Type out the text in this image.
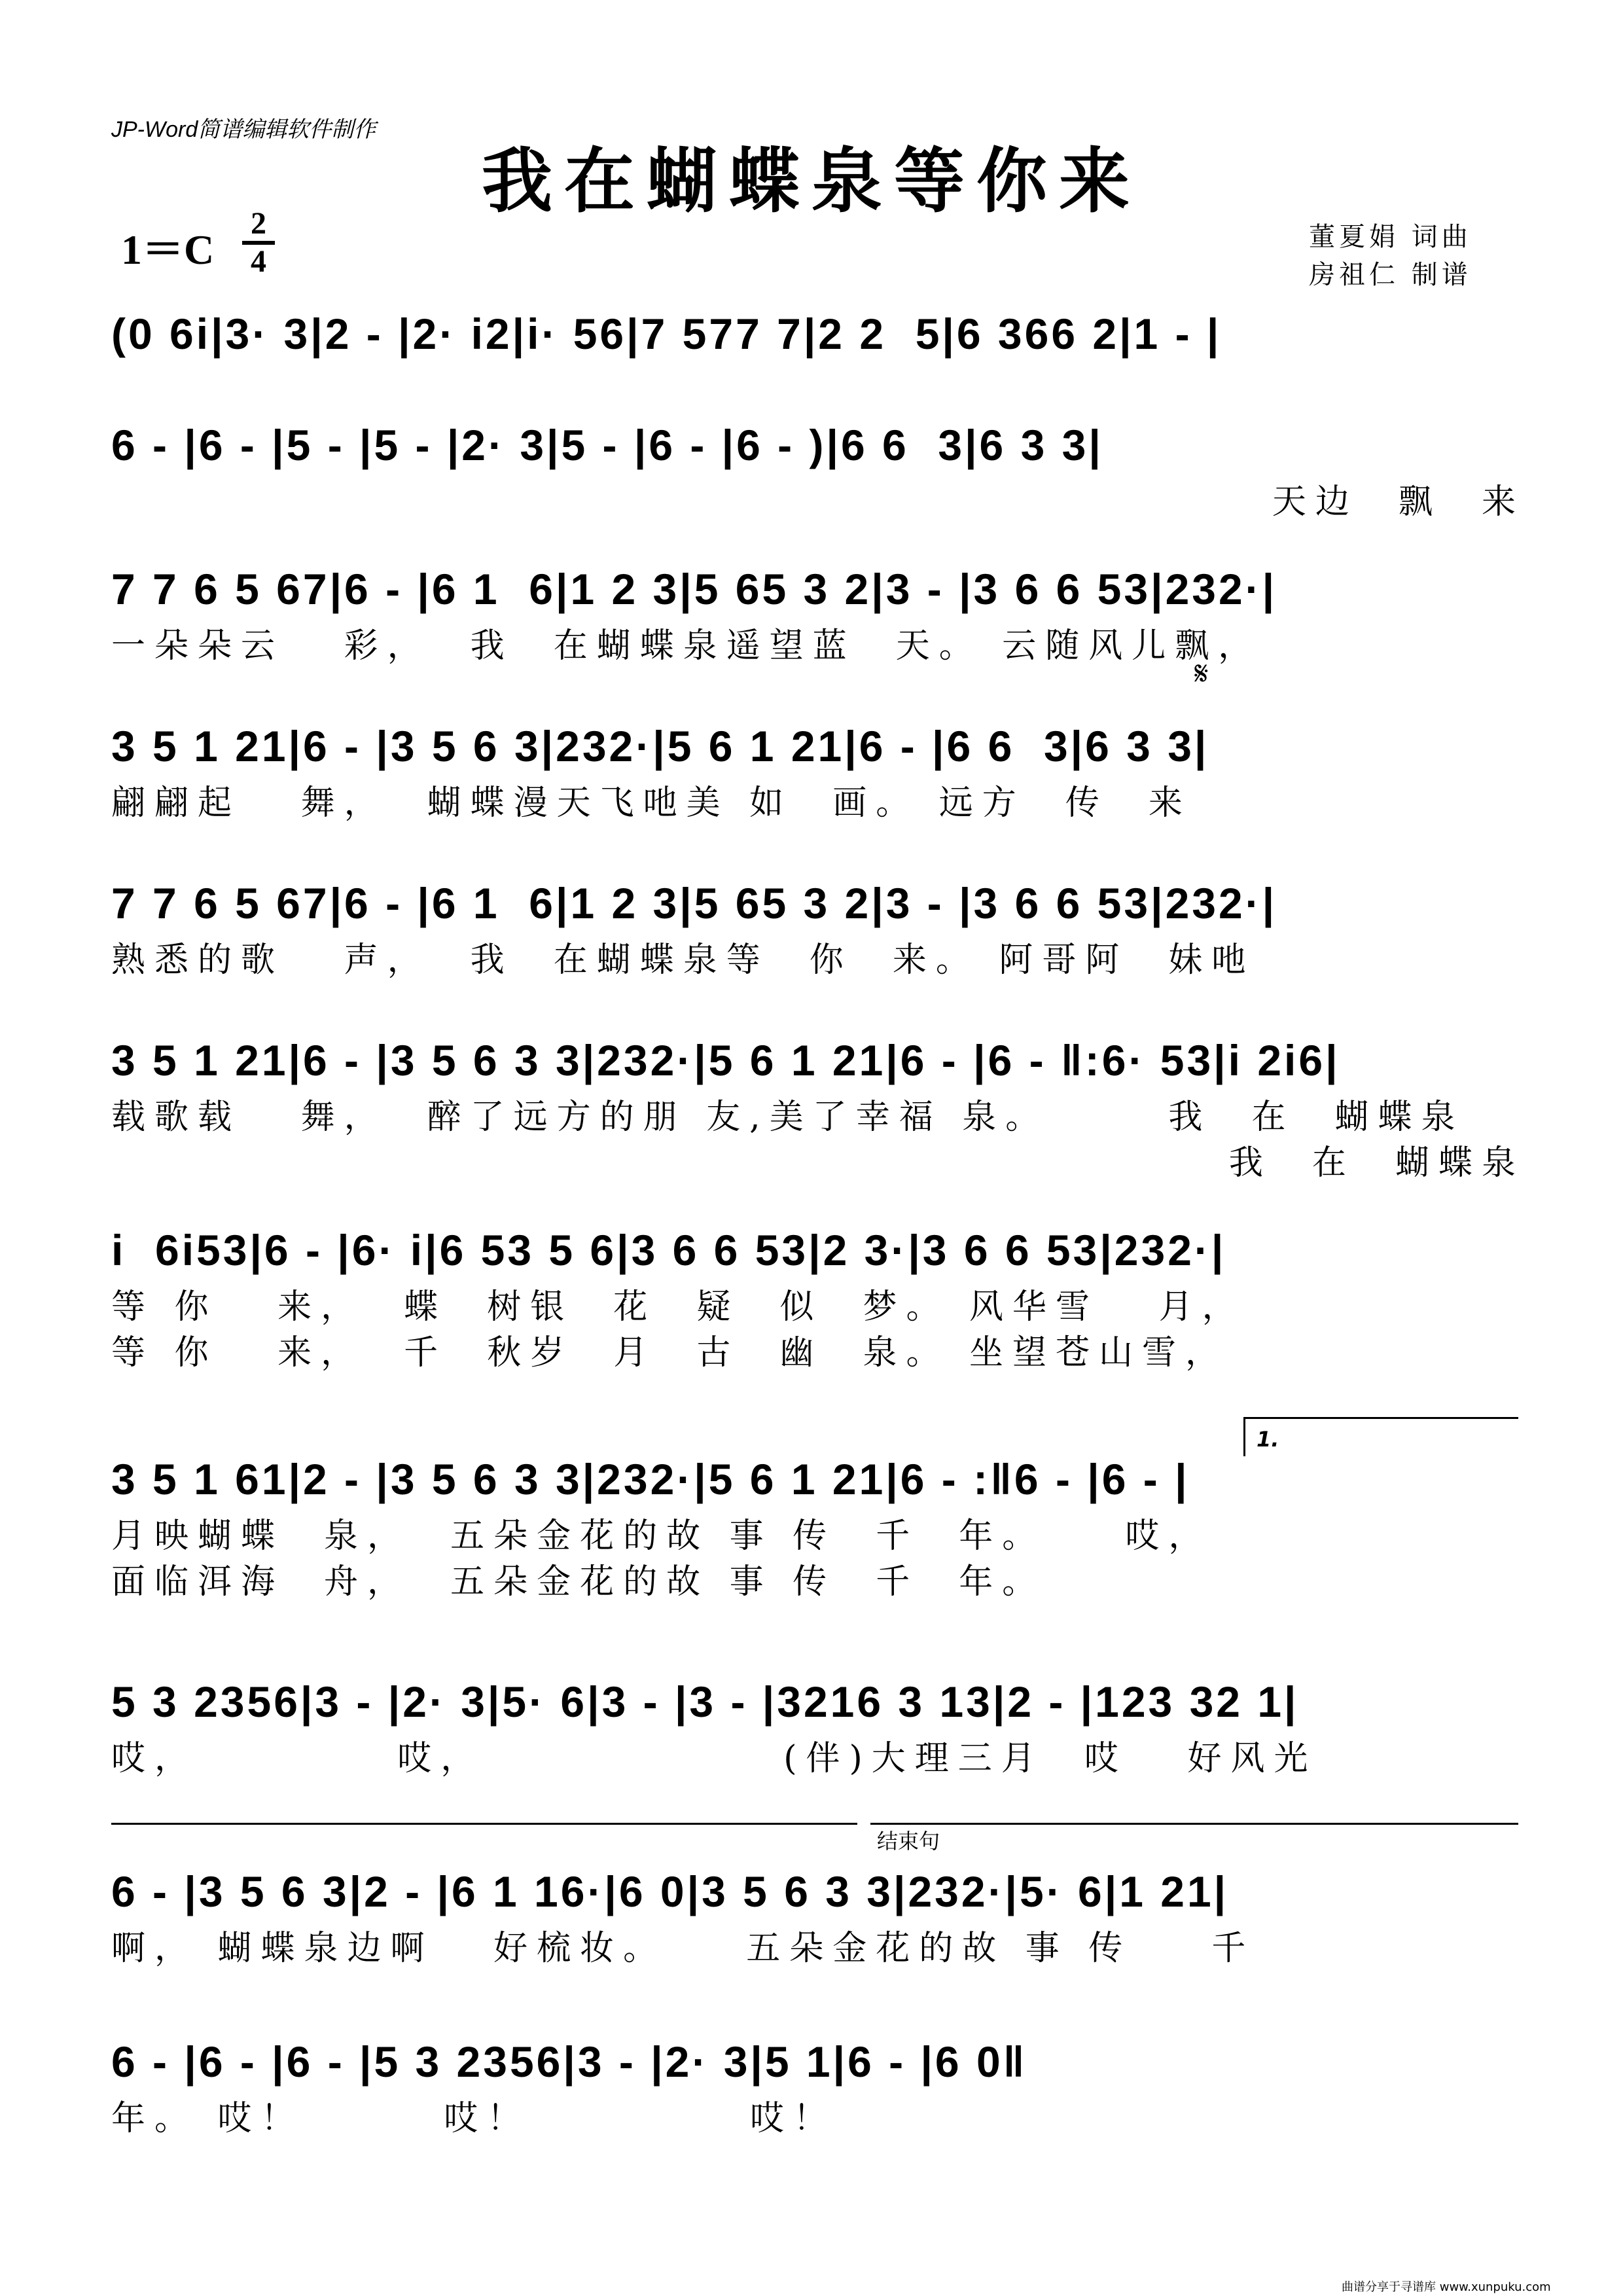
JP-Word简谱编辑软件制作
我在蝴蝶泉等你来
1＝C
2
4
董夏娟 词曲
房祖仁 制谱
𝄋
1.
结束句
(0 6i|3· 3|2 - |2· i2|i· 56|7 577 7|2 2  5|6 366 2|1 - |
6 - |6 - |5 - |5 - |2· 3|5 - |6 - |6 - )|6 6  3|6 3 3|
天边  飘  来
7 7 6 5 67|6 - |6 1  6|1 2 3|5 65 3 2|3 - |3 6 6 53|232·|
一朵朵云   彩，  我  在蝴蝶泉遥望蓝  天。 云随风儿飘，
3 5 1 21|6 - |3 5 6 3|232·|5 6 1 21|6 - |6 6  3|6 3 3|
翩翩起   舞，  蝴蝶漫天飞吔美 如  画。 远方  传  来
7 7 6 5 67|6 - |6 1  6|1 2 3|5 65 3 2|3 - |3 6 6 53|232·|
熟悉的歌   声，  我  在蝴蝶泉等  你  来。 阿哥阿  妹吔
3 5 1 21|6 - |3 5 6 3 3|232·|5 6 1 21|6 - |6 - ‖:6· 53|i 2i6|
载歌载   舞，  醉了远方的朋 友,美了幸福 泉。      我  在  蝴蝶泉
我  在  蝴蝶泉
i  6i53|6 - |6· i|6 53 5 6|3 6 6 53|2 3·|3 6 6 53|232·|
等 你   来，  蝶  树银  花  疑  似  梦。 风华雪   月，
等 你   来，  千  秋岁  月  古  幽  泉。 坐望苍山雪，
3 5 1 61|2 - |3 5 6 3 3|232·|5 6 1 21|6 - :‖6 - |6 - |
月映蝴蝶  泉，  五朵金花的故 事 传  千  年。    哎，
面临洱海  舟，  五朵金花的故 事 传  千  年。
5 3 2356|3 - |2· 3|5· 6|3 - |3 - |3216 3 13|2 - |123 32 1|
哎，          哎，               (伴)大理三月  哎   好风光
6 - |3 5 6 3|2 - |6 1 16·|6 0|3 5 6 3 3|232·|5· 6|1 21|
啊， 蝴蝶泉边啊   好梳妆。    五朵金花的故 事 传    千
6 - |6 - |6 - |5 3 2356|3 - |2· 3|5 1|6 - |6 0‖
年。 哎！       哎！           哎！
曲谱分享于寻谱库 www.xunpuku.com
